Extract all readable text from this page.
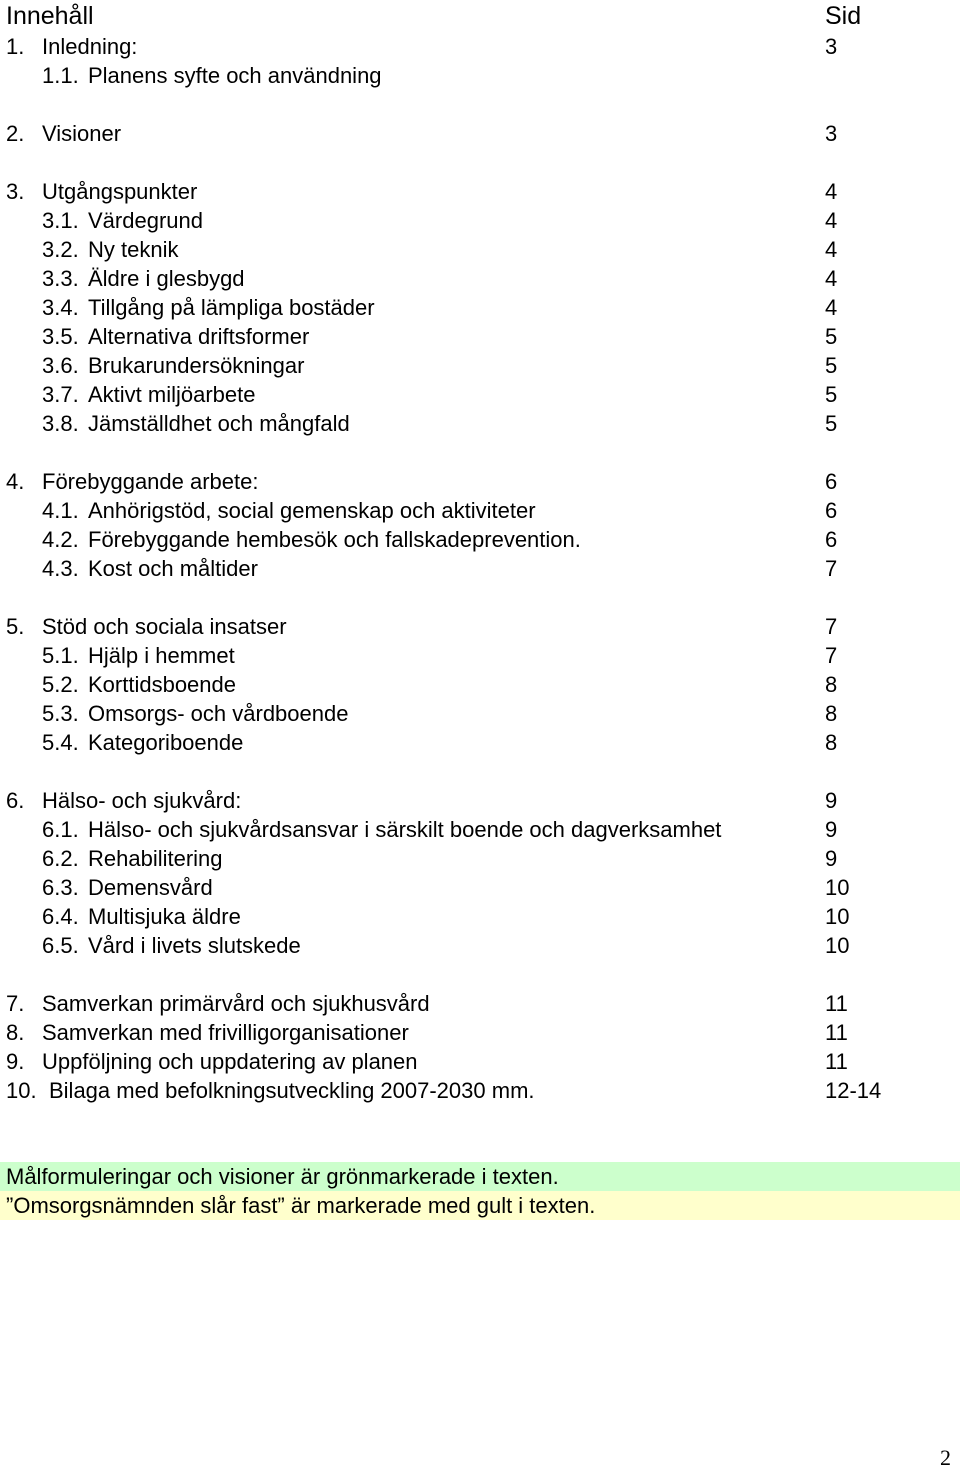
Innehåll	Sid
1. Inledning:	3
1.1. Planens syfte och användning
2. Visioner	3
3. Utgångspunkter	4
3.1. Värdegrund	4
3.2. Ny teknik	4
3.3. Äldre i glesbygd	4
3.4. Tillgång på lämpliga bostäder	4
3.5. Alternativa driftsformer	5
3.6. Brukarundersökningar	5
3.7. Aktivt miljöarbete	5
3.8. Jämställdhet och mångfald	5
4. Förebyggande arbete:	6
4.1. Anhörigstöd, social gemenskap och aktiviteter	6
4.2. Förebyggande hembesök och fallskadeprevention.	6
4.3. Kost och måltider	7
5. Stöd och sociala insatser	7
5.1. Hjälp i hemmet	7
5.2. Korttidsboende	8
5.3. Omsorgs- och vårdboende	8
5.4. Kategoriboende	8
6. Hälso- och sjukvård:	9
6.1. Hälso- och sjukvårdsansvar i särskilt boende och dagverksamhet	9
6.2. Rehabilitering	9
6.3. Demensvård	10
6.4. Multisjuka äldre	10
6.5. Vård i livets slutskede	10
7. Samverkan primärvård och sjukhusvård	11
8. Samverkan med frivilligorganisationer	11
9. Uppföljning och uppdatering av planen	11
10. Bilaga med befolkningsutveckling 2007-2030 mm.	12-14
Målformuleringar och visioner är grönmarkerade i texten.
”Omsorgsnämnden slår fast” är markerade med gult i texten.
2
